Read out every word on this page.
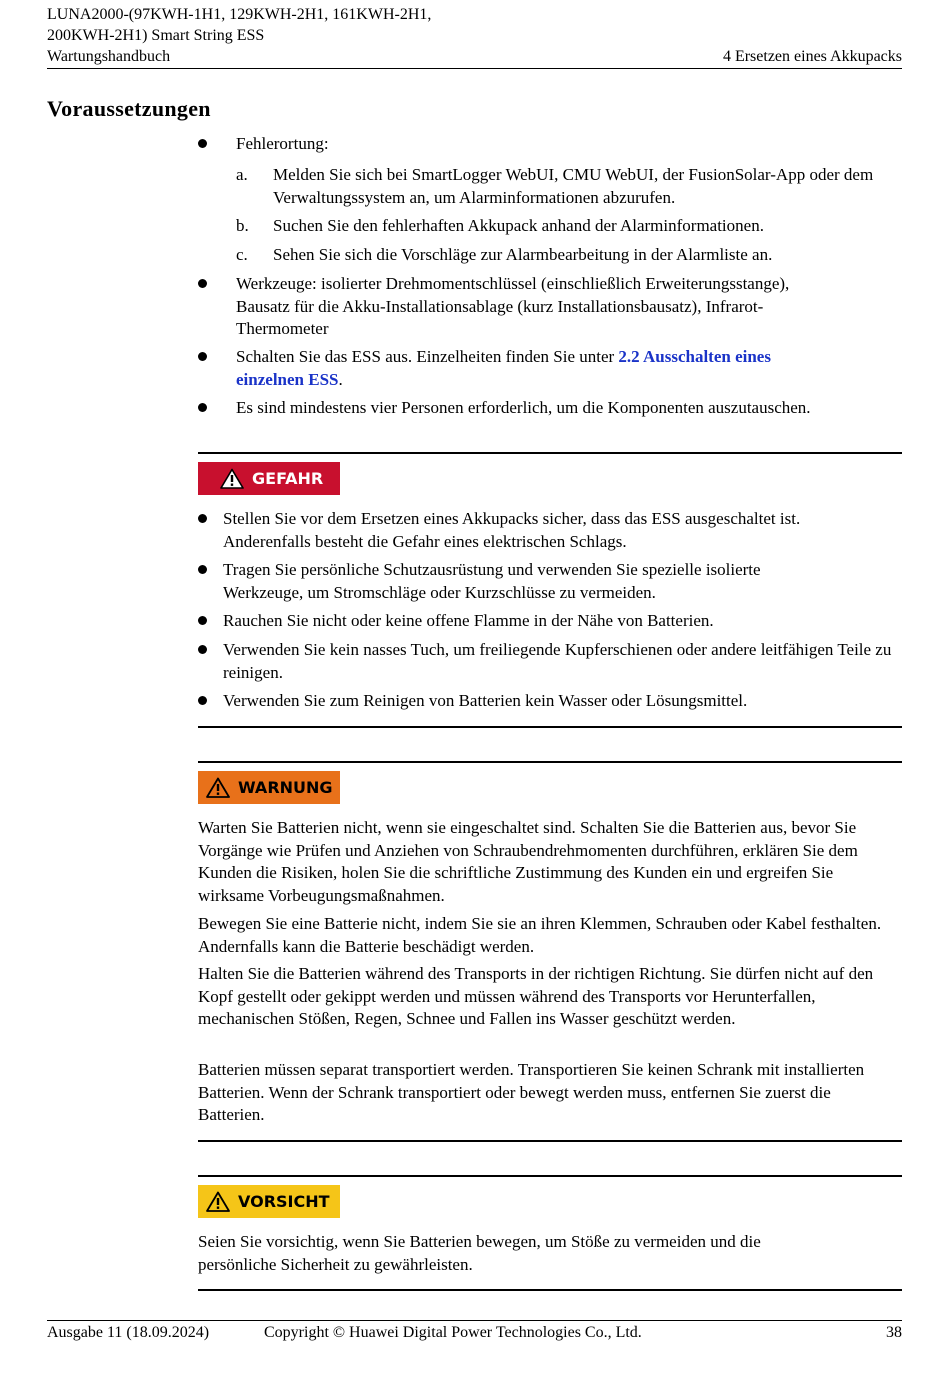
LUNA2000-(97KWH-1H1, 129KWH-2H1, 161KWH-2H1,
200KWH-2H1) Smart String ESS
Wartungshandbuch	4 Ersetzen eines Akkupacks
Voraussetzungen
Fehlerortung:
a. Melden Sie sich bei SmartLogger WebUI, CMU WebUI, der FusionSolar-App oder dem Verwaltungssystem an, um Alarminformationen abzurufen.
b. Suchen Sie den fehlerhaften Akkupack anhand der Alarminformationen.
c. Sehen Sie sich die Vorschläge zur Alarmbearbeitung in der Alarmliste an.
Werkzeuge: isolierter Drehmomentschlüssel (einschließlich Erweiterungsstange), Bausatz für die Akku-Installationsablage (kurz Installationsbausatz), Infrarot-Thermometer
Schalten Sie das ESS aus. Einzelheiten finden Sie unter 2.2 Ausschalten eines einzelnen ESS.
Es sind mindestens vier Personen erforderlich, um die Komponenten auszutauschen.
GEFAHR
Stellen Sie vor dem Ersetzen eines Akkupacks sicher, dass das ESS ausgeschaltet ist. Anderenfalls besteht die Gefahr eines elektrischen Schlags.
Tragen Sie persönliche Schutzausrüstung und verwenden Sie spezielle isolierte Werkzeuge, um Stromschläge oder Kurzschlüsse zu vermeiden.
Rauchen Sie nicht oder keine offene Flamme in der Nähe von Batterien.
Verwenden Sie kein nasses Tuch, um freiliegende Kupferschienen oder andere leitfähigen Teile zu reinigen.
Verwenden Sie zum Reinigen von Batterien kein Wasser oder Lösungsmittel.
WARNUNG

Warten Sie Batterien nicht, wenn sie eingeschaltet sind. Schalten Sie die Batterien aus, bevor Sie Vorgänge wie Prüfen und Anziehen von Schraubendrehmomenten durchführen, erklären Sie dem Kunden die Risiken, holen Sie die schriftliche Zustimmung des Kunden ein und ergreifen Sie wirksame Vorbeugungsmaßnahmen.

Bewegen Sie eine Batterie nicht, indem Sie sie an ihren Klemmen, Schrauben oder Kabel festhalten. Andernfalls kann die Batterie beschädigt werden.

Halten Sie die Batterien während des Transports in der richtigen Richtung. Sie dürfen nicht auf den Kopf gestellt oder gekippt werden und müssen während des Transports vor Herunterfallen, mechanischen Stößen, Regen, Schnee und Fallen ins Wasser geschützt werden.

Batterien müssen separat transportiert werden. Transportieren Sie keinen Schrank mit installierten Batterien. Wenn der Schrank transportiert oder bewegt werden muss, entfernen Sie zuerst die Batterien.

VORSICHT

Seien Sie vorsichtig, wenn Sie Batterien bewegen, um Stöße zu vermeiden und die persönliche Sicherheit zu gewährleisten.

Ausgabe 11 (18.09.2024)	Copyright © Huawei Digital Power Technologies Co., Ltd.	38
